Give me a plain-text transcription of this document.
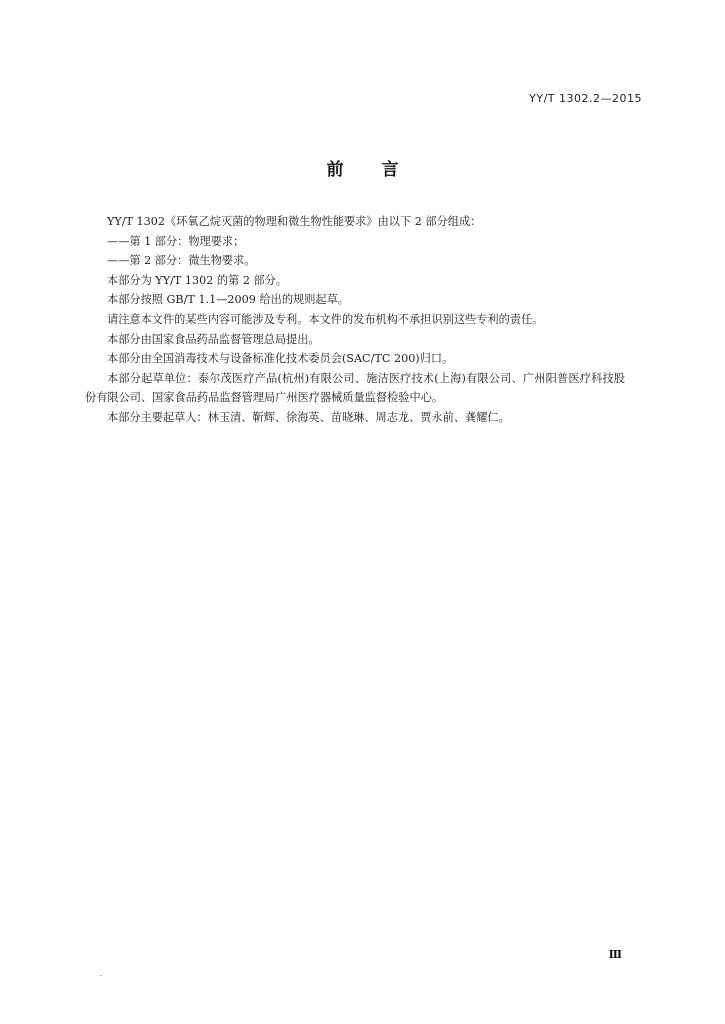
YY/T 1302.2—2015
前言

YY/T 1302《环氧乙烷灭菌的物理和微生物性能要求》由以下 2 部分组成：

——第 1 部分：物理要求；

——第 2 部分：微生物要求。

本部分为 YY/T 1302 的第 2 部分。

本部分按照 GB/T 1.1—2009 给出的规则起草。

请注意本文件的某些内容可能涉及专利。本文件的发布机构不承担识别这些专利的责任。

本部分由国家食品药品监督管理总局提出。

本部分由全国消毒技术与设备标准化技术委员会(SAC/TC 200)归口。

本部分起草单位：泰尔茂医疗产品(杭州)有限公司、施洁医疗技术(上海)有限公司、广州阳普医疗科技股份有限公司、国家食品药品监督管理局广州医疗器械质量监督检验中心。

本部分主要起草人：林玉清、靳辉、徐海英、苗晓琳、周志龙、贾永前、龚耀仁。

Ⅲ
